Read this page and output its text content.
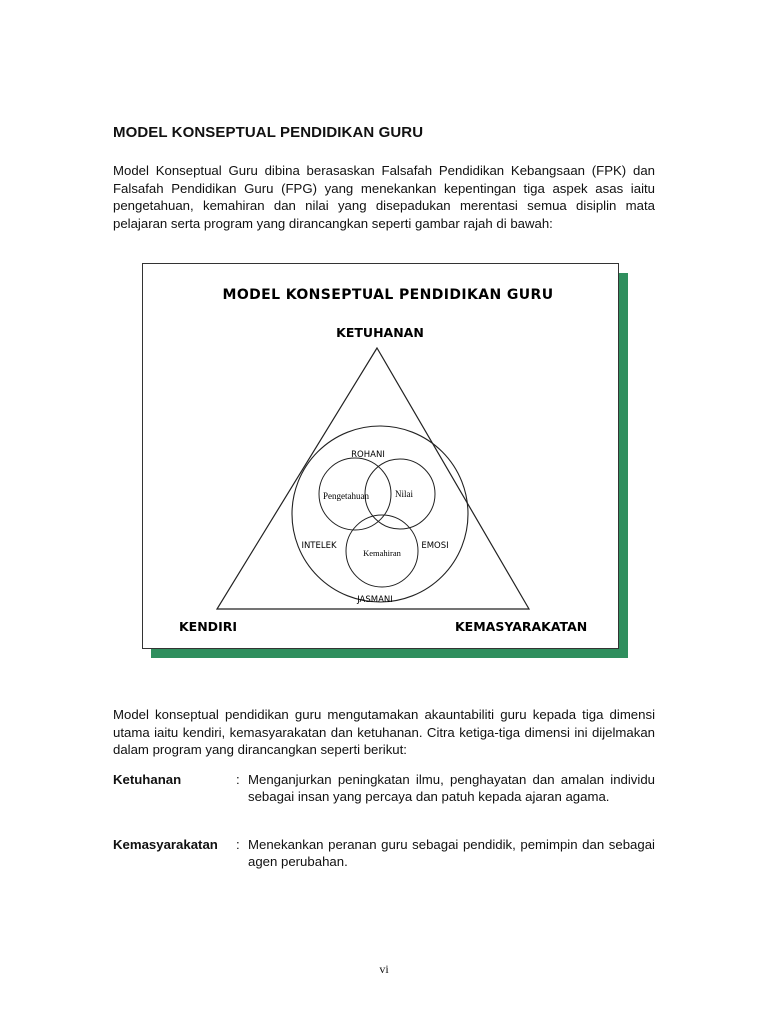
MODEL KONSEPTUAL PENDIDIKAN GURU
Model Konseptual Guru dibina berasaskan Falsafah Pendidikan Kebangsaan (FPK) dan Falsafah Pendidikan Guru (FPG) yang menekankan kepentingan tiga aspek asas iaitu pengetahuan, kemahiran dan nilai yang disepadukan merentasi semua disiplin mata pelajaran serta program yang dirancangkan seperti gambar rajah di bawah:
MODEL KONSEPTUAL PENDIDIKAN GURU
KETUHANAN
ROHANI
INTELEK	EMOSI
JASMANI
Pengetahuan	Nilai
Kemahiran
KENDIRI	KEMASYARAKATAN
Model konseptual pendidikan guru mengutamakan akauntabiliti guru kepada tiga dimensi utama iaitu kendiri, kemasyarakatan dan ketuhanan. Citra ketiga-tiga dimensi ini dijelmakan dalam program yang dirancangkan seperti berikut:
Ketuhanan	: Menganjurkan peningkatan ilmu, penghayatan dan amalan individu sebagai insan yang percaya dan patuh kepada ajaran agama.
Kemasyarakatan : Menekankan peranan guru sebagai pendidik, pemimpin dan sebagai agen perubahan.
vi
